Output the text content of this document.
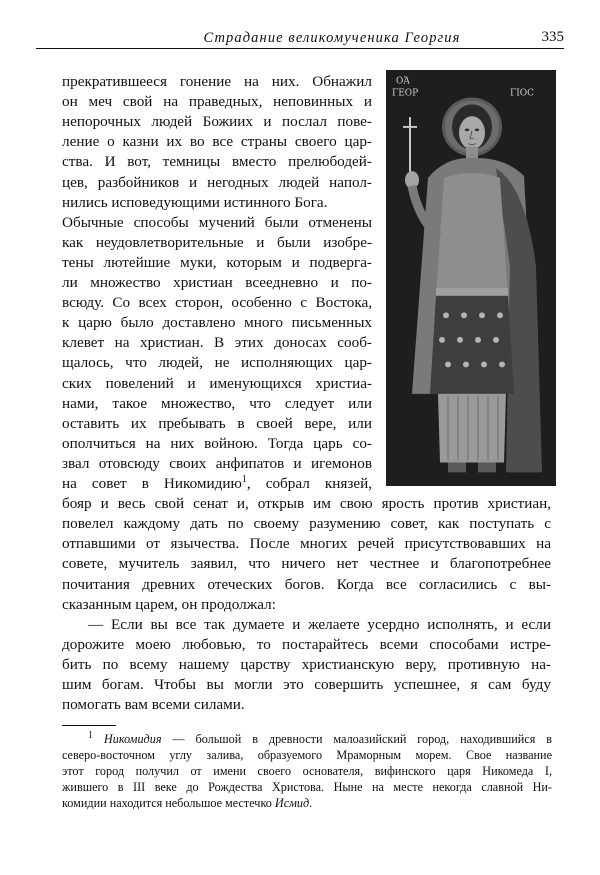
Страдание великомученика Георгия	335
ΟἉ
ΓΕΟΡ	ΓΙΟϹ
прекратившееся гонение на них. Обнажил
он меч свой на праведных, неповинных и
непорочных людей Божиих и послал пове-
ление о казни их во все страны своего цар-
ства. И вот, темницы вместо прелюбодей-
цев, разбойников и негодных людей напол-
нились исповедующими истинного Бога.
Обычные способы мучений были отменены
как неудовлетворительные и были изобре-
тены лютейшие муки, которым и подверга-
ли множество христиан всеедневно и по-
всюду. Со всех сторон, особенно с Востока,
к царю было доставлено много письменных
клевет на христиан. В этих доносах сооб-
щалось, что людей, не исполняющих цар-
ских повелений и именующихся христиа-
нами, такое множество, что следует или
оставить их пребывать в своей вере, или
ополчиться на них войною. Тогда царь со-
звал отовсюду своих анфипатов и игемонов
на совет в Никомидию$^1$, собрал князей,
бояр и весь свой сенат и, открыв им свою ярость против христиан,
повелел каждому дать по своему разумению совет, как поступать с
отпавшими от язычества. После многих речей присутствовавших на
совете, мучитель заявил, что ничего нет честнее и благопотребнее
почитания древних отеческих богов. Когда все согласились с вы-
сказанным царем, он продолжал:
— Если вы все так думаете и желаете усердно исполнять, и если
дорожите моею любовью, то постарайтесь всеми способами истре-
бить по всему нашему царству христианскую веру, противную на-
шим богам. Чтобы вы могли это совершить успешнее, я сам буду
помогать вам всеми силами.
$^1$ Никомидия — большой в древности малоазийский город, находившийся в
северо-восточном углу залива, образуемого Мраморным морем. Свое название
этот город получил от имени своего основателя, вифинского царя Никомеда I,
жившего в III веке до Рождества Христова. Ныне на месте некогда славной Ни-
комидии находится небольшое местечко Исмид.
